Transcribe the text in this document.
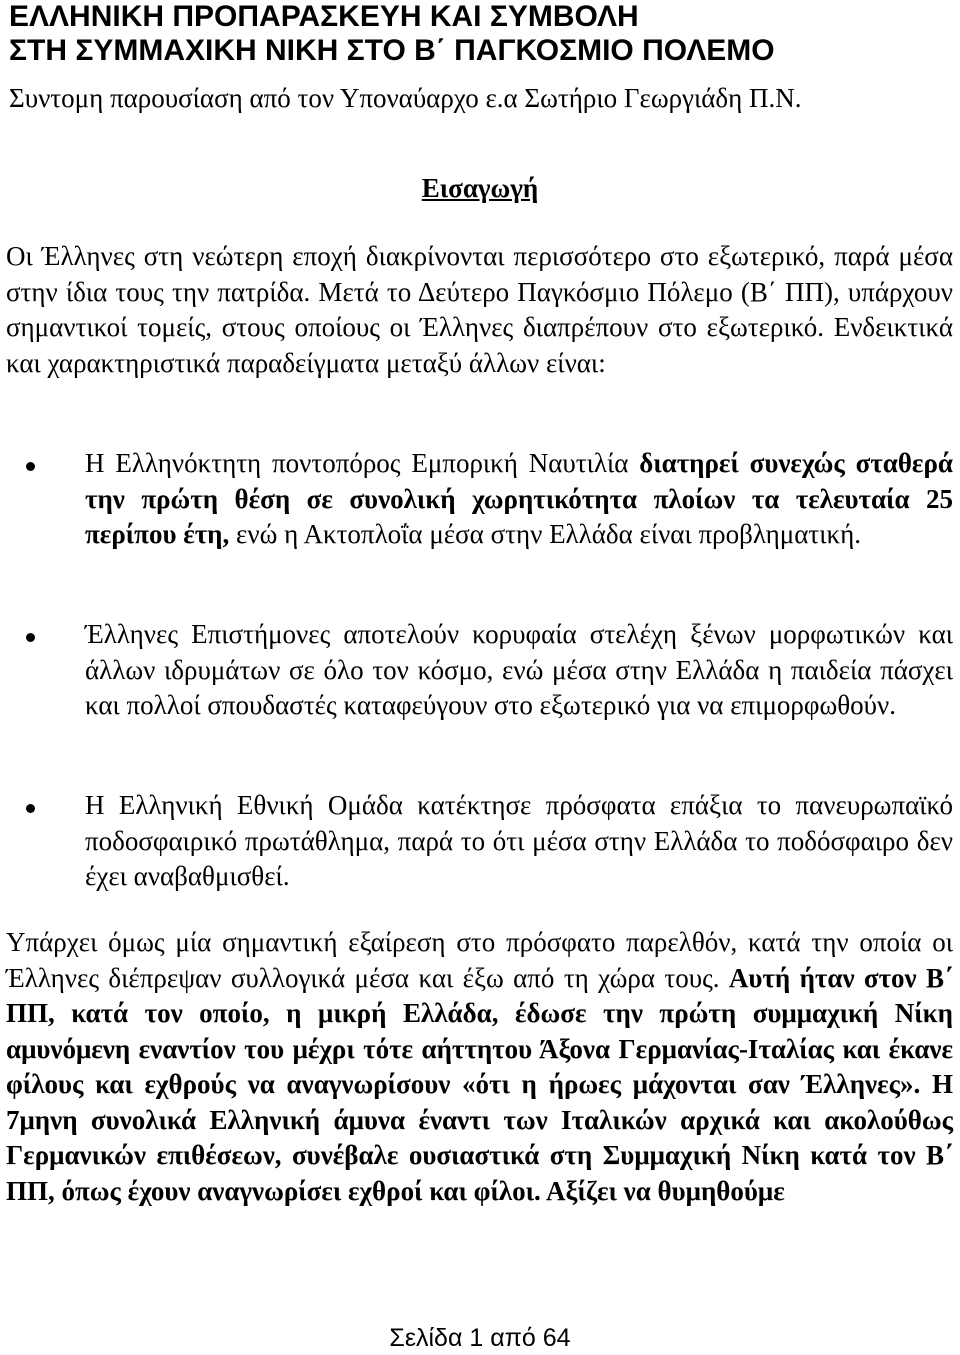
ΕΛΛΗΝΙΚΗ ΠΡΟΠΑΡΑΣΚΕΥΗ ΚΑΙ ΣΥΜΒΟΛΗ
ΣΤΗ ΣΥΜΜΑΧΙΚΗ ΝΙΚΗ ΣΤΟ Β΄ ΠΑΓΚΟΣΜΙΟ ΠΟΛΕΜΟ
Συντομη παρουσίαση από τον Υποναύαρχο ε.α Σωτήριο Γεωργιάδη Π.Ν.
Εισαγωγή
Οι Έλληνες στη νεώτερη εποχή διακρίνονται περισσότερο στο εξωτερικό, παρά μέσα στην ίδια τους την πατρίδα. Μετά το Δεύτερο Παγκόσμιο Πόλεμο (Β΄ ΠΠ), υπάρχουν σημαντικοί τομείς, στους οποίους οι Έλληνες διαπρέπουν στο εξωτερικό. Ενδεικτικά και χαρακτηριστικά παραδείγματα μεταξύ άλλων είναι:
Η Ελληνόκτητη ποντοπόρος Εμπορική Ναυτιλία διατηρεί συνεχώς σταθερά την πρώτη θέση σε συνολική χωρητικότητα πλοίων τα τελευταία 25 περίπου έτη, ενώ η Ακτοπλοΐα μέσα στην Ελλάδα είναι προβληματική.
Έλληνες Επιστήμονες αποτελούν κορυφαία στελέχη ξένων μορφωτικών και άλλων ιδρυμάτων σε όλο τον κόσμο, ενώ μέσα στην Ελλάδα η παιδεία πάσχει και πολλοί σπουδαστές καταφεύγουν στο εξωτερικό για να επιμορφωθούν.
Η Ελληνική Εθνική Ομάδα κατέκτησε πρόσφατα επάξια το πανευρωπαϊκό ποδοσφαιρικό πρωτάθλημα, παρά το ότι μέσα στην Ελλάδα το ποδόσφαιρο δεν έχει αναβαθμισθεί.
Υπάρχει όμως μία σημαντική εξαίρεση στο πρόσφατο παρελθόν, κατά την οποία οι Έλληνες διέπρεψαν συλλογικά μέσα και έξω από τη χώρα τους. Αυτή ήταν στον Β΄ ΠΠ, κατά τον οποίο, η μικρή Ελλάδα, έδωσε την πρώτη συμμαχική Νίκη αμυνόμενη εναντίον του μέχρι τότε αήττητου Άξονα Γερμανίας-Ιταλίας και έκανε φίλους και εχθρούς να αναγνωρίσουν «ότι η ήρωες μάχονται σαν Έλληνες». Η 7μηνη συνολικά Ελληνική άμυνα έναντι των Ιταλικών αρχικά και ακολούθως Γερμανικών επιθέσεων, συνέβαλε ουσιαστικά στη Συμμαχική Νίκη κατά τον Β΄ ΠΠ, όπως έχουν αναγνωρίσει εχθροί και φίλοι. Αξίζει να θυμηθούμε
Σελίδα 1 από 64
